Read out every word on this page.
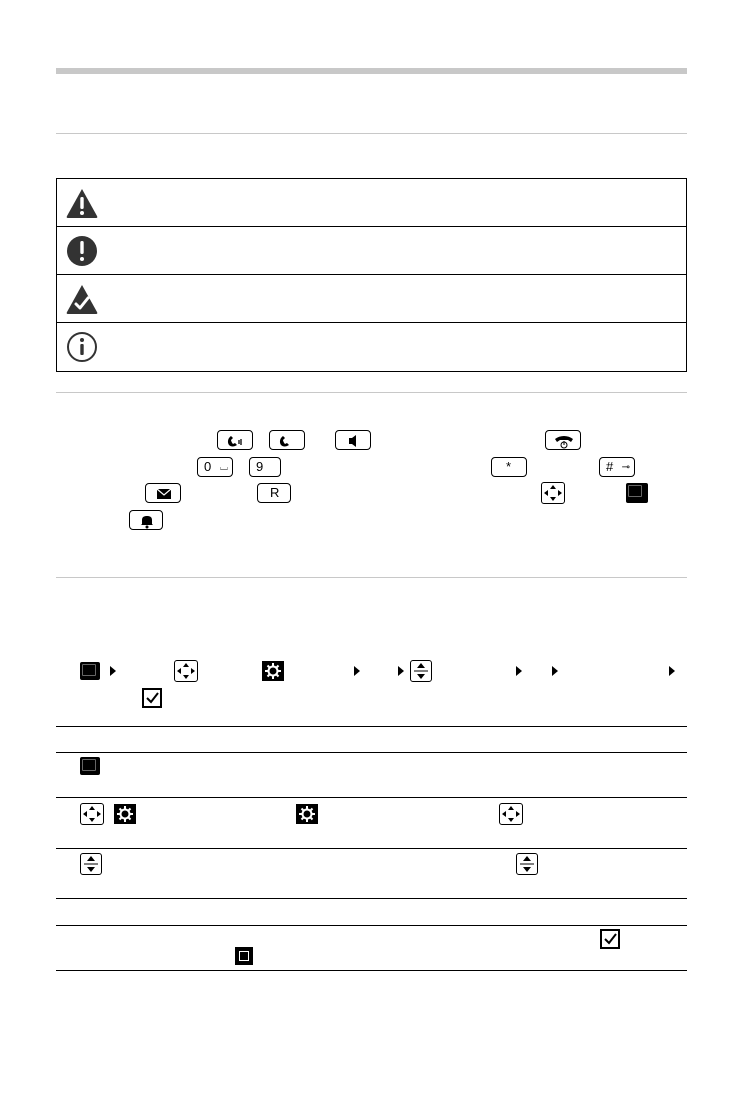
0 ⌴ 9	*	# ⊸
R
